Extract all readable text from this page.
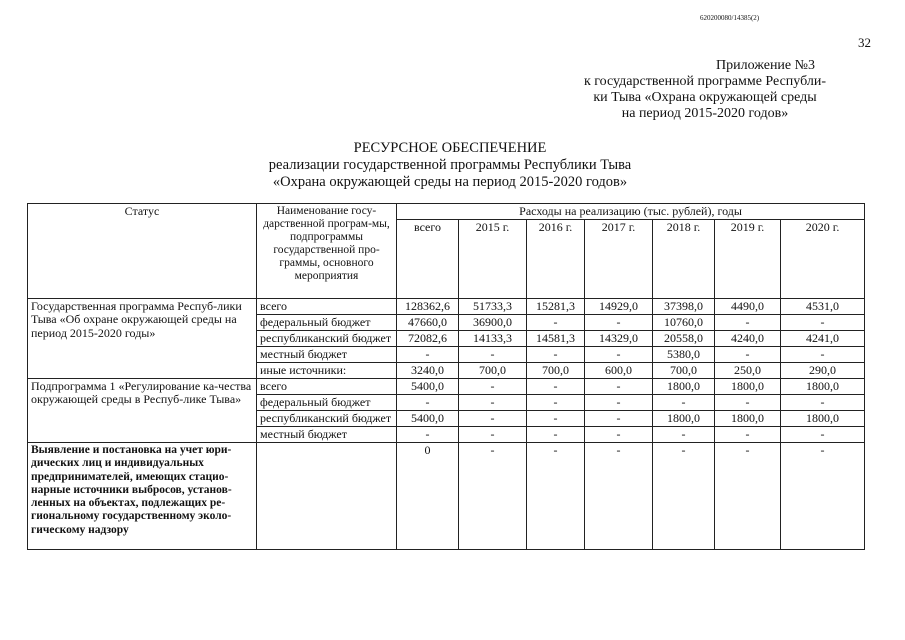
620200080/14385(2)
32
Приложение №3
к государственной программе Республи-
ки Тыва «Охрана окружающей среды
на период 2015-2020 годов»
РЕСУРСНОЕ ОБЕСПЕЧЕНИЕ
реализации государственной программы Республики Тыва
«Охрана окружающей среды на период 2015-2020 годов»
Статус	Наименование госу-дарственной програм-мы, подпрограммы государственной про-граммы, основного мероприятия	Расходы на реализацию (тыс. рублей), годы						
		всего	2015 г.	2016 г.	2017 г.	2018 г.	2019 г.	2020 г.
Государственная программа Респуб-лики Тыва «Об охране окружающей среды на период 2015-2020 годы»	всего	128362,6	51733,3	15281,3	14929,0	37398,0	4490,0	4531,0
	федеральный бюджет	47660,0	36900,0	-	-	10760,0	-	-
	республиканский бюджет	72082,6	14133,3	14581,3	14329,0	20558,0	4240,0	4241,0
	местный бюджет	-	-	-	-	5380,0	-	-
	иные источники:	3240,0	700,0	700,0	600,0	700,0	250,0	290,0
Подпрограмма 1 «Регулирование ка-чества окружающей среды в Респуб-лике Тыва»	всего	5400,0	-	-	-	1800,0	1800,0	1800,0
	федеральный бюджет	-	-	-	-	-	-	-
	республиканский бюджет	5400,0	-	-	-	1800,0	1800,0	1800,0
	местный бюджет	-	-	-	-	-	-	-
Выявление и постановка на учет юри-дических лиц и индивидуальных предпринимателей, имеющих стацио-нарные источники выбросов, установ-ленных на объектах, подлежащих ре-гиональному государственному эколо-гическому надзору		0	-	-	-	-	-	-
